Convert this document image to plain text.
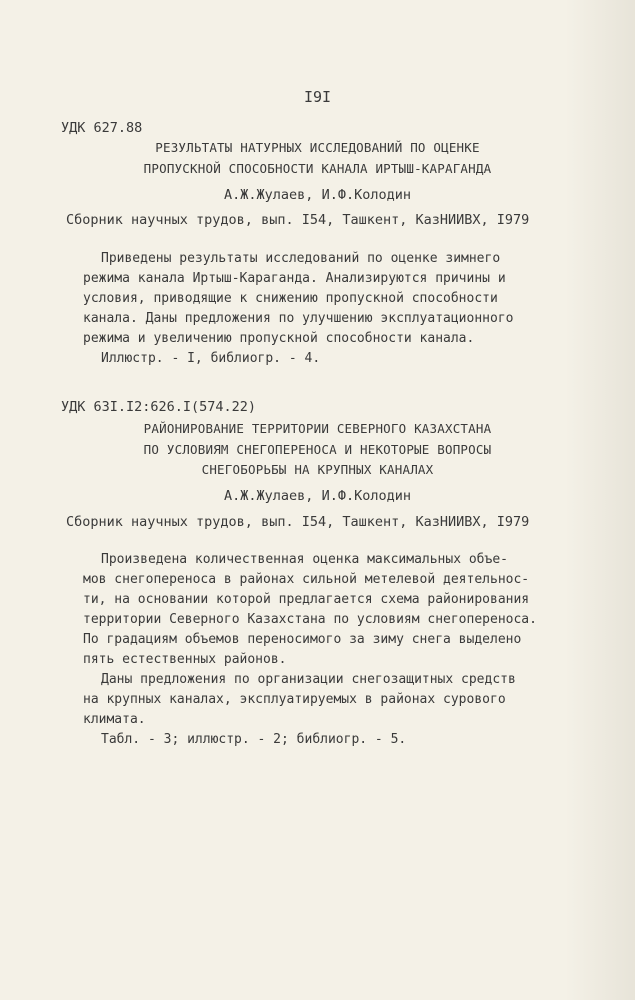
I9I
УДК 627.88
РЕЗУЛЬТАТЫ НАТУРНЫХ ИССЛЕДОВАНИЙ ПО ОЦЕНКЕ
ПРОПУСКНОЙ СПОСОБНОСТИ КАНАЛА ИРТЫШ-КАРАГАНДА
А.Ж.Жулаев, И.Ф.Колодин
Сборник научных трудов, вып. I54, Ташкент, КазНИИВХ, I979
Приведены результаты исследований по оценке зимнего
режима канала Иртыш-Караганда. Анализируются причины и
условия, приводящие к снижению пропускной способности
канала. Даны предложения по улучшению эксплуатационного
режима и увеличению пропускной способности канала.
Иллюстр. - I, библиогр. - 4.
УДК 63I.I2:626.I(574.22)
РАЙОНИРОВАНИЕ ТЕРРИТОРИИ СЕВЕРНОГО КАЗАХСТАНА
ПО УСЛОВИЯМ СНЕГОПЕРЕНОСА И НЕКОТОРЫЕ ВОПРОСЫ
СНЕГОБОРЬБЫ НА КРУПНЫХ КАНАЛАХ
А.Ж.Жулаев, И.Ф.Колодин
Сборник научных трудов, вып. I54, Ташкент, КазНИИВХ, I979
Произведена количественная оценка максимальных объе-
мов снегопереноса в районах сильной метелевой деятельнос-
ти, на основании которой предлагается схема районирования
территории Северного Казахстана по условиям снегопереноса.
По градациям объемов переносимого за зиму снега выделено
пять естественных районов.
Даны предложения по организации снегозащитных средств
на крупных каналах, эксплуатируемых в районах сурового
климата.
Табл. - 3; иллюстр. - 2; библиогр. - 5.
